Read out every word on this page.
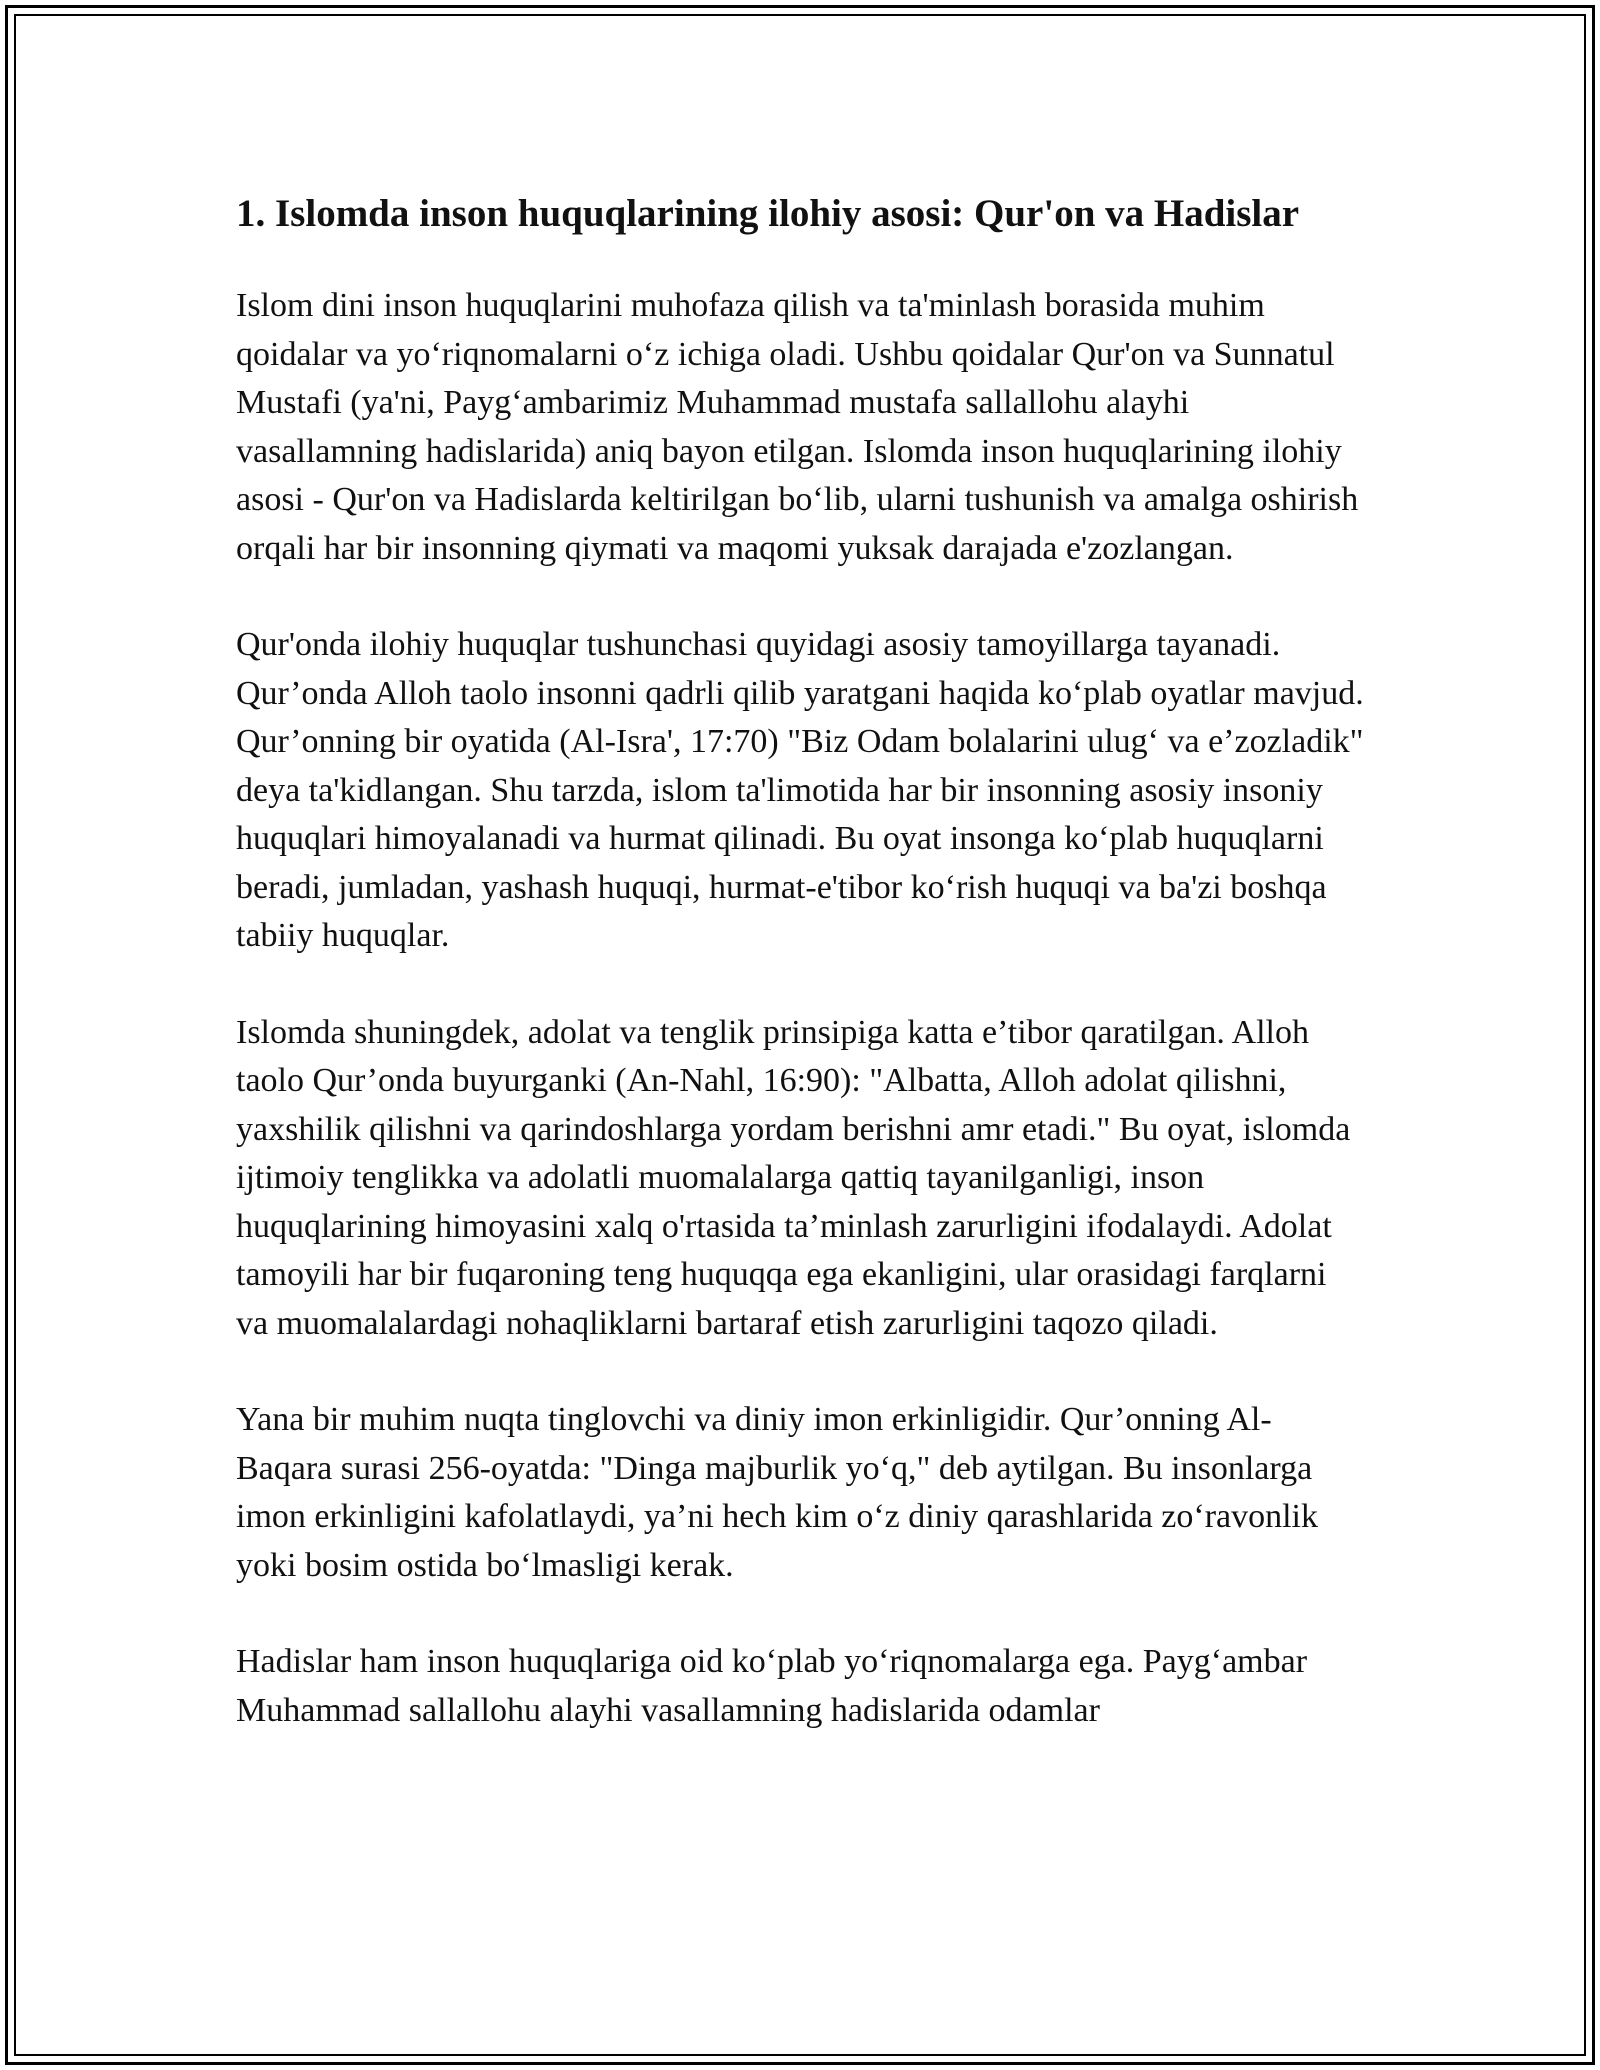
1. Islomda inson huquqlarining ilohiy asosi: Qur'on va Hadislar

Islom dini inson huquqlarini muhofaza qilish va ta'minlash borasida muhim qoidalar va yo‘riqnomalarni o‘z ichiga oladi. Ushbu qoidalar Qur'on va Sunnatul Mustafi (ya'ni, Payg‘ambarimiz Muhammad mustafa sallallohu alayhi vasallamning hadislarida) aniq bayon etilgan. Islomda inson huquqlarining ilohiy asosi - Qur'on va Hadislarda keltirilgan bo‘lib, ularni tushunish va amalga oshirish orqali har bir insonning qiymati va maqomi yuksak darajada e'zozlangan.

Qur'onda ilohiy huquqlar tushunchasi quyidagi asosiy tamoyillarga tayanadi. Qur’onda Alloh taolo insonni qadrli qilib yaratgani haqida ko‘plab oyatlar mavjud. Qur’onning bir oyatida (Al-Isra', 17:70) "Biz Odam bolalarini ulug‘ va e’zozladik" deya ta'kidlangan. Shu tarzda, islom ta'limotida har bir insonning asosiy insoniy huquqlari himoyalanadi va hurmat qilinadi. Bu oyat insonga ko‘plab huquqlarni beradi, jumladan, yashash huquqi, hurmat-e'tibor ko‘rish huquqi va ba'zi boshqa tabiiy huquqlar.

Islomda shuningdek, adolat va tenglik prinsipiga katta e’tibor qaratilgan. Alloh taolo Qur’onda buyurganki (An-Nahl, 16:90): "Albatta, Alloh adolat qilishni, yaxshilik qilishni va qarindoshlarga yordam berishni amr etadi." Bu oyat, islomda ijtimoiy tenglikka va adolatli muomalalarga qattiq tayanilganligi, inson huquqlarining himoyasini xalq o'rtasida ta’minlash zarurligini ifodalaydi. Adolat tamoyili har bir fuqaroning teng huquqqa ega ekanligini, ular orasidagi farqlarni va muomalalardagi nohaqliklarni bartaraf etish zarurligini taqozo qiladi.

Yana bir muhim nuqta tinglovchi va diniy imon erkinligidir. Qur’onning Al-Baqara surasi 256-oyatda: "Dinga majburlik yo‘q," deb aytilgan. Bu insonlarga imon erkinligini kafolatlaydi, ya’ni hech kim o‘z diniy qarashlarida zo‘ravonlik yoki bosim ostida bo‘lmasligi kerak.

Hadislar ham inson huquqlariga oid ko‘plab yo‘riqnomalarga ega. Payg‘ambar Muhammad sallallohu alayhi vasallamning hadislarida odamlar
